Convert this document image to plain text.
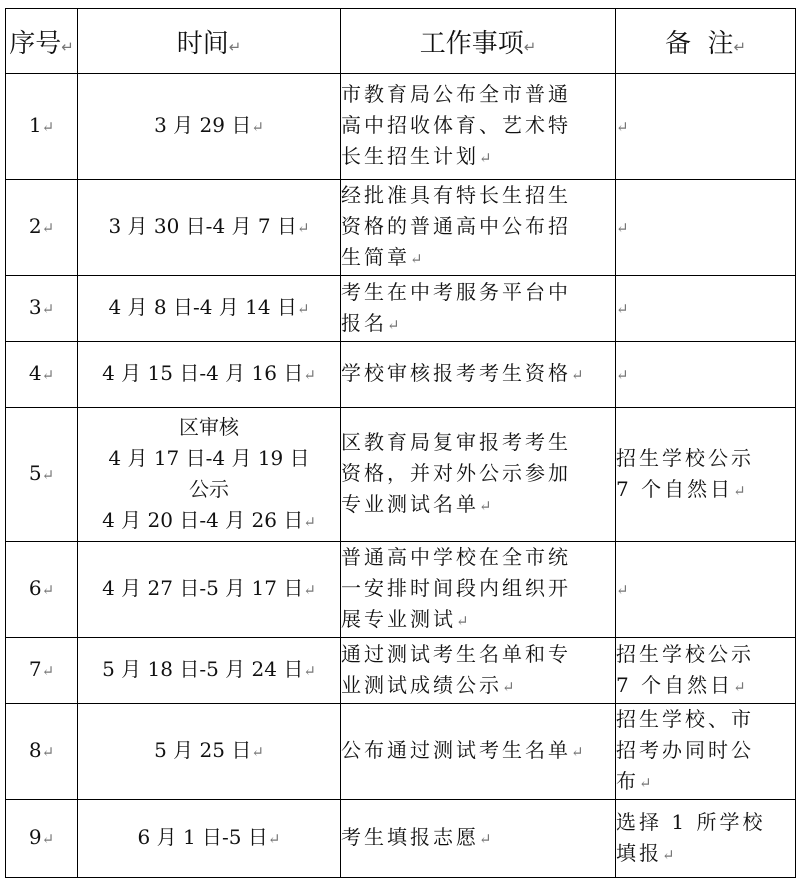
序号↵	时间↵	工作事项↵	备  注↵

1↵	3 月 29 日↵	市教育局公布全市普通
高中招收体育、艺术特
长生招生计划↵	↵

2↵	3 月 30 日-4 月 7 日↵	经批准具有特长生招生
资格的普通高中公布招
生简章↵	↵

3↵	4 月 8 日-4 月 14 日↵	考生在中考服务平台中
报名↵	↵

4↵	4 月 15 日-4 月 16 日↵	学校审核报考考生资格↵	↵

5↵	区审核
4 月 17 日-4 月 19 日
公示
4 月 20 日-4 月 26 日↵	区教育局复审报考考生
资格，并对外公示参加
专业测试名单↵	招生学校公示
7 个自然日↵

6↵	4 月 27 日-5 月 17 日↵	普通高中学校在全市统
一安排时间段内组织开
展专业测试↵	↵

7↵	5 月 18 日-5 月 24 日↵	通过测试考生名单和专
业测试成绩公示↵	招生学校公示
7 个自然日↵

8↵	5 月 25 日↵	公布通过测试考生名单↵	招生学校、市
招考办同时公
布↵

9↵	6 月 1 日-5 日↵	考生填报志愿↵	选择 1 所学校
填报↵
